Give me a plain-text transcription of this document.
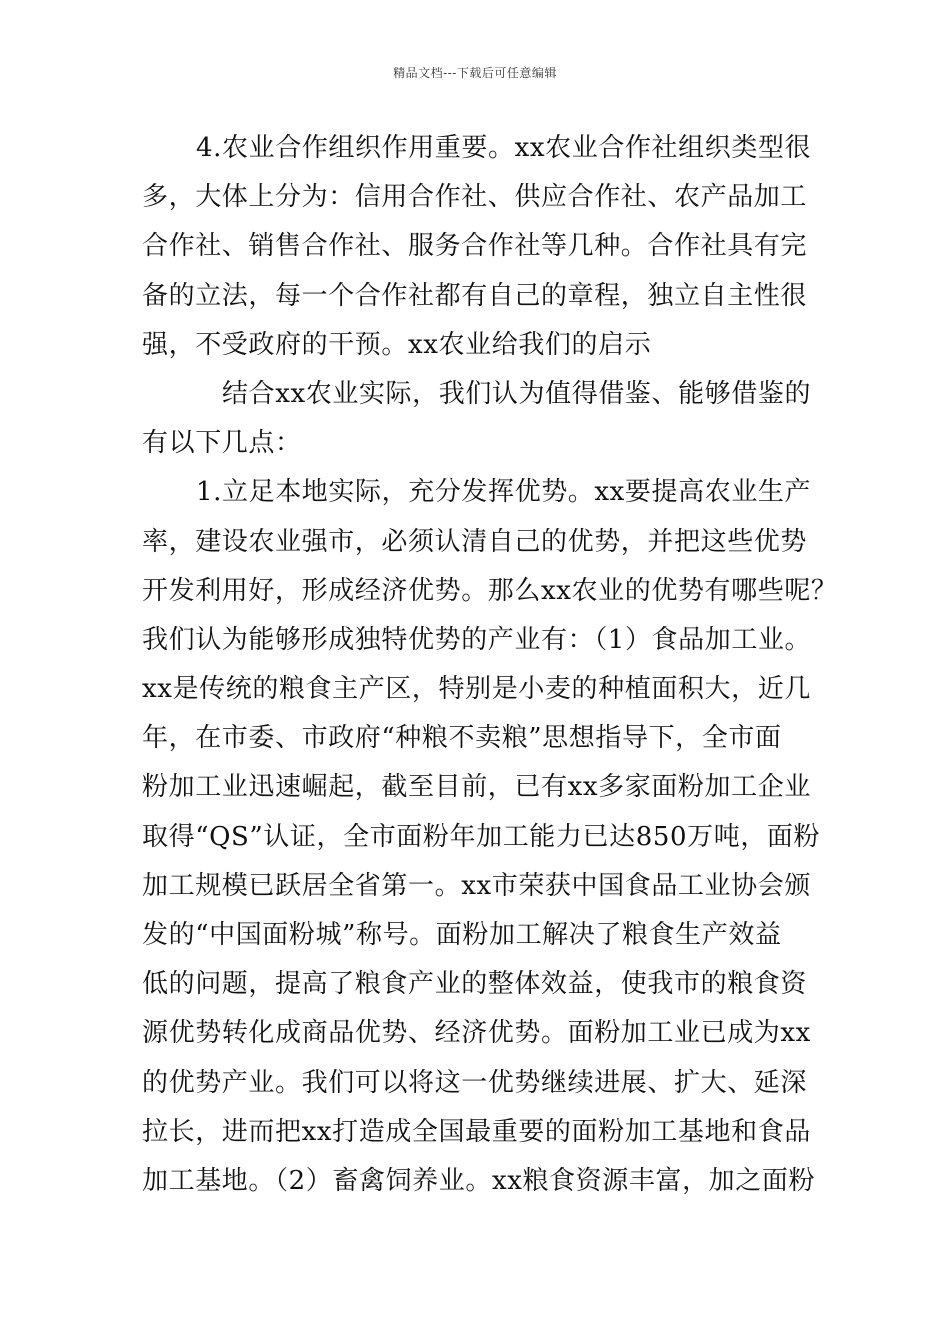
精品文档---下载后可任意编辑
4.农业合作组织作用重要。xx农业合作社组织类型很
多，大体上分为：信用合作社、供应合作社、农产品加工
合作社、销售合作社、服务合作社等几种。合作社具有完
备的立法，每一个合作社都有自己的章程，独立自主性很
强，不受政府的干预。xx农业给我们的启示
结合xx农业实际，我们认为值得借鉴、能够借鉴的
有以下几点：
1.立足本地实际，充分发挥优势。xx要提高农业生产
率，建设农业强市，必须认清自己的优势，并把这些优势
开发利用好，形成经济优势。那么xx农业的优势有哪些呢？
我们认为能够形成独特优势的产业有：（1）食品加工业。
xx是传统的粮食主产区，特别是小麦的种植面积大，近几
年，在市委、市政府“种粮不卖粮”思想指导下，全市面
粉加工业迅速崛起，截至目前，已有xx多家面粉加工企业
取得“QS”认证，全市面粉年加工能力已达850万吨，面粉
加工规模已跃居全省第一。xx市荣获中国食品工业协会颁
发的“中国面粉城”称号。面粉加工解决了粮食生产效益
低的问题，提高了粮食产业的整体效益，使我市的粮食资
源优势转化成商品优势、经济优势。面粉加工业已成为xx
的优势产业。我们可以将这一优势继续进展、扩大、延深
拉长，进而把xx打造成全国最重要的面粉加工基地和食品
加工基地。（2）畜禽饲养业。xx粮食资源丰富，加之面粉
